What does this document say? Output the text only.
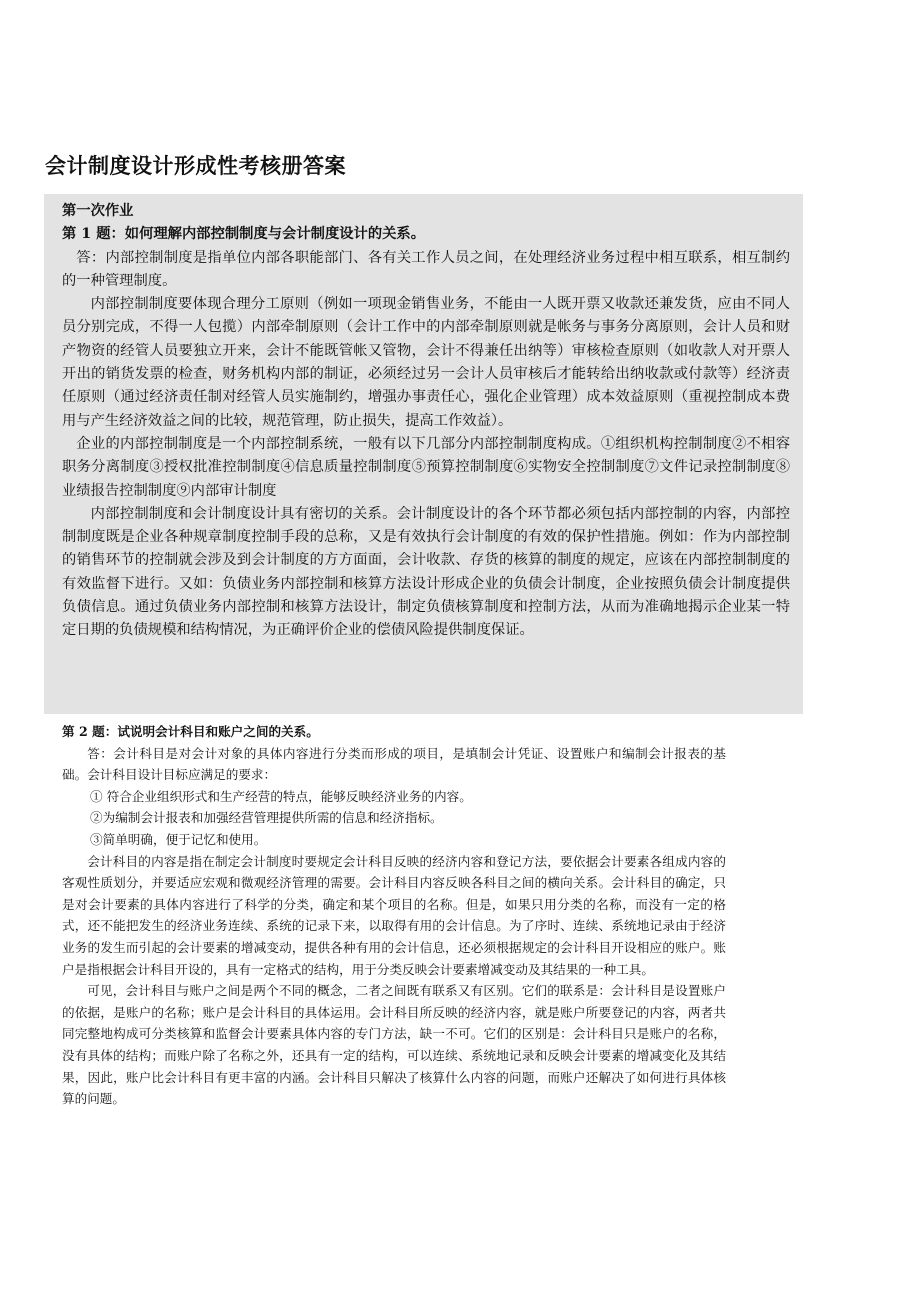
会计制度设计形成性考核册答案

第一次作业

第 1 题：如何理解内部控制制度与会计制度设计的关系。

答：内部控制制度是指单位内部各职能部门、各有关工作人员之间，在处理经济业务过程中相互联系，相互制约的一种管理制度。

内部控制制度要体现合理分工原则（例如一项现金销售业务，不能由一人既开票又收款还兼发货，应由不同人员分别完成，不得一人包揽）内部牵制原则（会计工作中的内部牵制原则就是帐务与事务分离原则，会计人员和财产物资的经管人员要独立开来，会计不能既管帐又管物，会计不得兼任出纳等）审核检查原则（如收款人对开票人开出的销货发票的检查，财务机构内部的制证，必须经过另一会计人员审核后才能转给出纳收款或付款等）经济责任原则（通过经济责任制对经管人员实施制约，增强办事责任心，强化企业管理）成本效益原则（重视控制成本费用与产生经济效益之间的比较，规范管理，防止损失，提高工作效益）。

企业的内部控制制度是一个内部控制系统，一般有以下几部分内部控制制度构成。①组织机构控制制度②不相容职务分离制度③授权批准控制制度④信息质量控制制度⑤预算控制制度⑥实物安全控制制度⑦文件记录控制制度⑧业绩报告控制制度⑨内部审计制度

内部控制制度和会计制度设计具有密切的关系。会计制度设计的各个环节都必须包括内部控制的内容，内部控制制度既是企业各种规章制度控制手段的总称，又是有效执行会计制度的有效的保护性措施。例如：作为内部控制的销售环节的控制就会涉及到会计制度的方方面面，会计收款、存货的核算的制度的规定，应该在内部控制制度的有效监督下进行。又如：负债业务内部控制和核算方法设计形成企业的负债会计制度，企业按照负债会计制度提供负债信息。通过负债业务内部控制和核算方法设计，制定负债核算制度和控制方法，从而为准确地揭示企业某一特定日期的负债规模和结构情况，为正确评价企业的偿债风险提供制度保证。

第 2 题：试说明会计科目和账户之间的关系。

答：会计科目是对会计对象的具体内容进行分类而形成的项目，是填制会计凭证、设置账户和编制会计报表的基础。会计科目设计目标应满足的要求：

① 符合企业组织形式和生产经营的特点，能够反映经济业务的内容。

②为编制会计报表和加强经营管理提供所需的信息和经济指标。

③简单明确，便于记忆和使用。

会计科目的内容是指在制定会计制度时要规定会计科目反映的经济内容和登记方法，要依据会计要素各组成内容的客观性质划分，并要适应宏观和微观经济管理的需要。会计科目内容反映各科目之间的横向关系。会计科目的确定，只是对会计要素的具体内容进行了科学的分类，确定和某个项目的名称。但是，如果只用分类的名称，而没有一定的格式，还不能把发生的经济业务连续、系统的记录下来，以取得有用的会计信息。为了序时、连续、系统地记录由于经济业务的发生而引起的会计要素的增减变动，提供各种有用的会计信息，还必须根据规定的会计科目开设相应的账户。账户是指根据会计科目开设的，具有一定格式的结构，用于分类反映会计要素增减变动及其结果的一种工具。

可见，会计科目与账户之间是两个不同的概念，二者之间既有联系又有区别。它们的联系是：会计科目是设置账户的依据，是账户的名称；账户是会计科目的具体运用。会计科目所反映的经济内容，就是账户所要登记的内容，两者共同完整地构成可分类核算和监督会计要素具体内容的专门方法，缺一不可。它们的区别是：会计科目只是账户的名称，没有具体的结构；而账户除了名称之外，还具有一定的结构，可以连续、系统地记录和反映会计要素的增减变化及其结果，因此，账户比会计科目有更丰富的内涵。会计科目只解决了核算什么内容的问题，而账户还解决了如何进行具体核算的问题。
